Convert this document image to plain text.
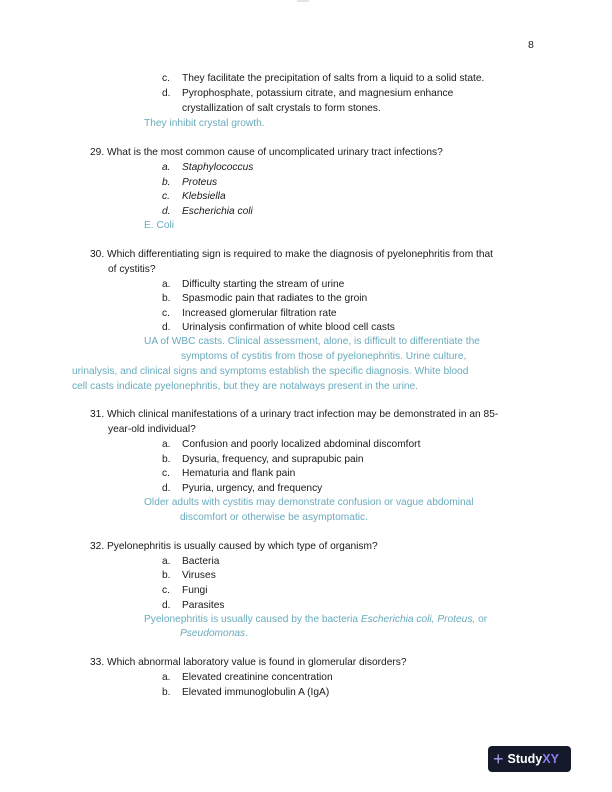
8
c. They facilitate the precipitation of salts from a liquid to a solid state.
d. Pyrophosphate, potassium citrate, and magnesium enhance
crystallization of salt crystals to form stones.
They inhibit crystal growth.
29. What is the most common cause of uncomplicated urinary tract infections?
a. Staphylococcus
b. Proteus
c. Klebsiella
d. Escherichia coli
E. Coli
30. Which differentiating sign is required to make the diagnosis of pyelonephritis from that
of cystitis?
a. Difficulty starting the stream of urine
b. Spasmodic pain that radiates to the groin
c. Increased glomerular filtration rate
d. Urinalysis confirmation of white blood cell casts
UA of WBC casts. Clinical assessment, alone, is difficult to differentiate the
symptoms of cystitis from those of pyelonephritis. Urine culture,
urinalysis, and clinical signs and symptoms establish the specific diagnosis. White blood
cell casts indicate pyelonephritis, but they are notalways present in the urine.
31. Which clinical manifestations of a urinary tract infection may be demonstrated in an 85-
year-old individual?
a. Confusion and poorly localized abdominal discomfort
b. Dysuria, frequency, and suprapubic pain
c. Hematuria and flank pain
d. Pyuria, urgency, and frequency
Older adults with cystitis may demonstrate confusion or vague abdominal
discomfort or otherwise be asymptomatic.
32. Pyelonephritis is usually caused by which type of organism?
a. Bacteria
b. Viruses
c. Fungi
d. Parasites
Pyelonephritis is usually caused by the bacteria Escherichia coli, Proteus, or
Pseudomonas.
33. Which abnormal laboratory value is found in glomerular disorders?
a. Elevated creatinine concentration
b. Elevated immunoglobulin A (IgA)
+ Study XY
